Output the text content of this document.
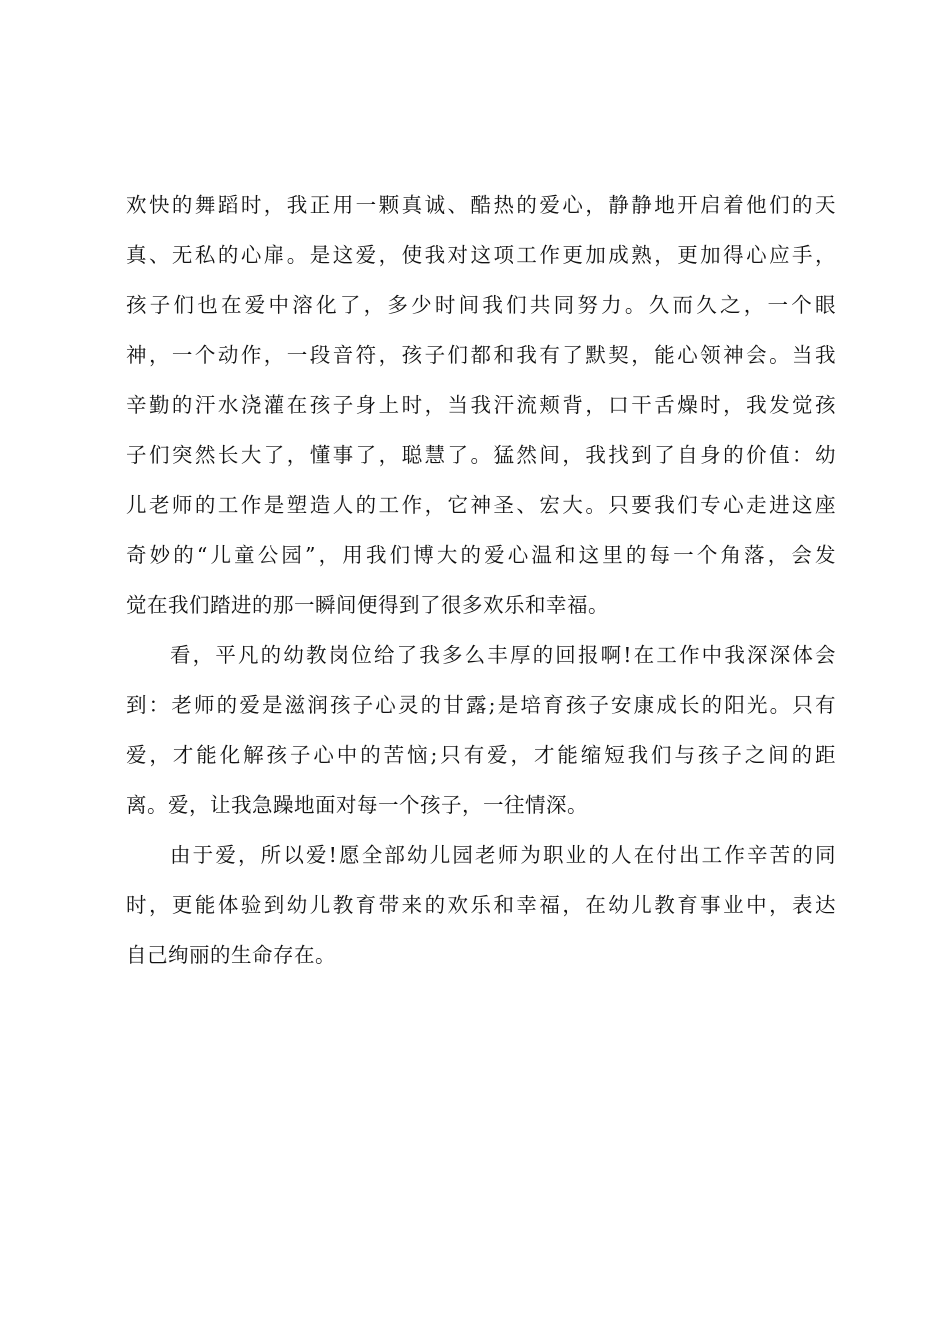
欢快的舞蹈时，我正用一颗真诚、酷热的爱心，静静地开启着他们的天
真、无私的心扉。是这爱，使我对这项工作更加成熟，更加得心应手，
孩子们也在爱中溶化了，多少时间我们共同努力。久而久之，一个眼
神，一个动作，一段音符，孩子们都和我有了默契，能心领神会。当我
辛勤的汗水浇灌在孩子身上时，当我汗流颊背，口干舌燥时，我发觉孩
子们突然长大了，懂事了，聪慧了。猛然间，我找到了自身的价值：幼
儿老师的工作是塑造人的工作，它神圣、宏大。只要我们专心走进这座
奇妙的“儿童公园”，用我们博大的爱心温和这里的每一个角落，会发
觉在我们踏进的那一瞬间便得到了很多欢乐和幸福。
看，平凡的幼教岗位给了我多么丰厚的回报啊!在工作中我深深体会
到：老师的爱是滋润孩子心灵的甘露;是培育孩子安康成长的阳光。只有
爱，才能化解孩子心中的苦恼;只有爱，才能缩短我们与孩子之间的距
离。爱，让我急躁地面对每一个孩子，一往情深。
由于爱，所以爱!愿全部幼儿园老师为职业的人在付出工作辛苦的同
时，更能体验到幼儿教育带来的欢乐和幸福，在幼儿教育事业中，表达
自己绚丽的生命存在。
